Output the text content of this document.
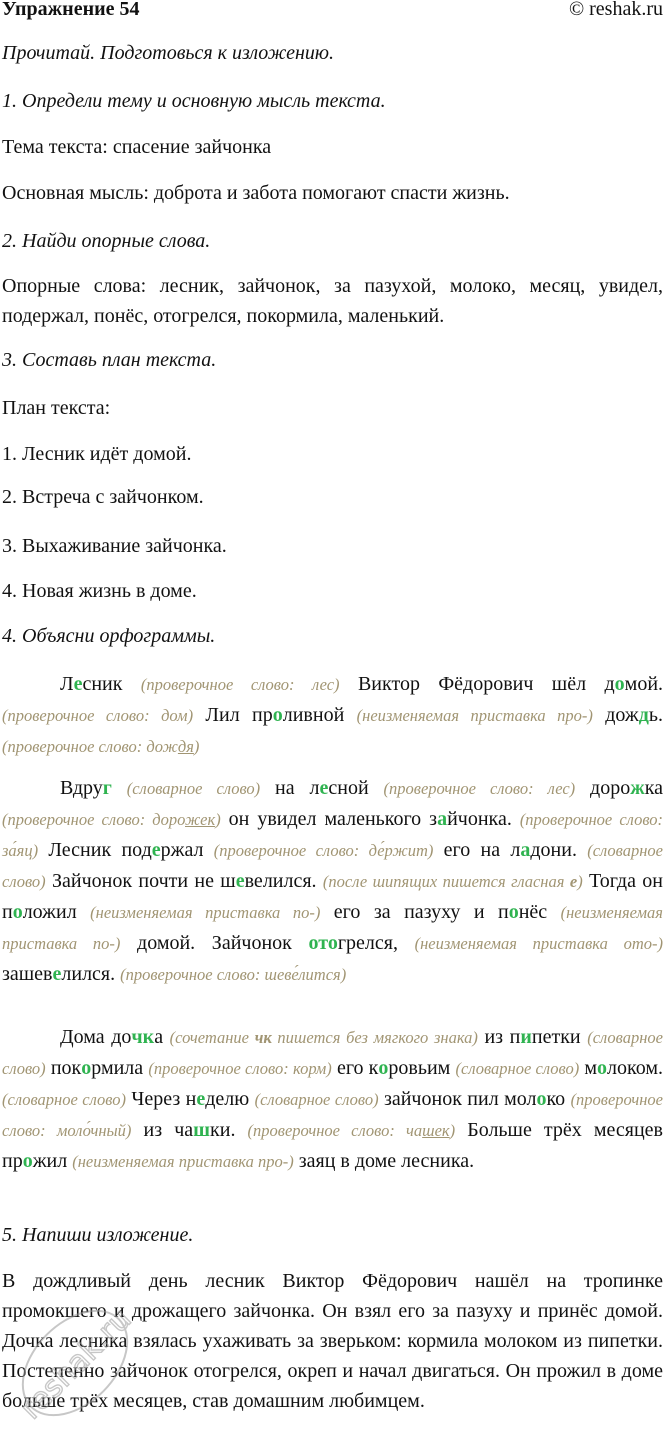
Упражнение 54	© reshak.ru
Прочитай. Подготовься к изложению.
1. Определи тему и основную мысль текста.
Тема текста: спасение зайчонка
Основная мысль: доброта и забота помогают спасти жизнь.
2. Найди опорные слова.
Опорные слова: лесник, зайчонок, за пазухой, молоко, месяц, увидел, подержал, понёс, отогрелся, покормила, маленький.
3. Составь план текста.
План текста:
1. Лесник идёт домой.
2. Встреча с зайчонком.
3. Выхаживание зайчонка.
4. Новая жизнь в доме.
4. Объясни орфограммы.
Лесник (проверочное слово: лес) Виктор Фёдорович шёл домой. (проверочное слово: дом) Лил проливной (неизменяемая приставка про-) дождь. (проверочное слово: дождя)
Вдруг (словарное слово) на лесной (проверочное слово: лес) дорожка (проверочное слово: дорожек) он увидел маленького зайчонка. (проверочное слово: за́яц) Лесник подержал (проверочное слово: де́ржит) его на ладони. (словарное слово) Зайчонок почти не шевелился. (после шипящих пишется гласная е) Тогда он положил (неизменяемая приставка по-) его за пазуху и понёс (неизменяемая приставка по-) домой. Зайчонок отогрелся, (неизменяемая приставка ото-) зашевелился. (проверочное слово: шеве́лится)
Дома дочка (сочетание чк пишется без мягкого знака) из пипетки (словарное слово) покормила (проверочное слово: корм) его коровьим (словарное слово) молоком. (словарное слово) Через неделю (словарное слово) зайчонок пил молоко (проверочное слово: моло́чный) из чашки. (проверочное слово: чашек) Больше трёх месяцев прожил (неизменяемая приставка про-) заяц в доме лесника.
5. Напиши изложение.
В дождливый день лесник Виктор Фёдорович нашёл на тропинке промокшего и дрожащего зайчонка. Он взял его за пазуху и принёс домой. Дочка лесника взялась ухаживать за зверьком: кормила молоком из пипетки. Постепенно зайчонок отогрелся, окреп и начал двигаться. Он прожил в доме больше трёх месяцев, став домашним любимцем.
reshak.ru
